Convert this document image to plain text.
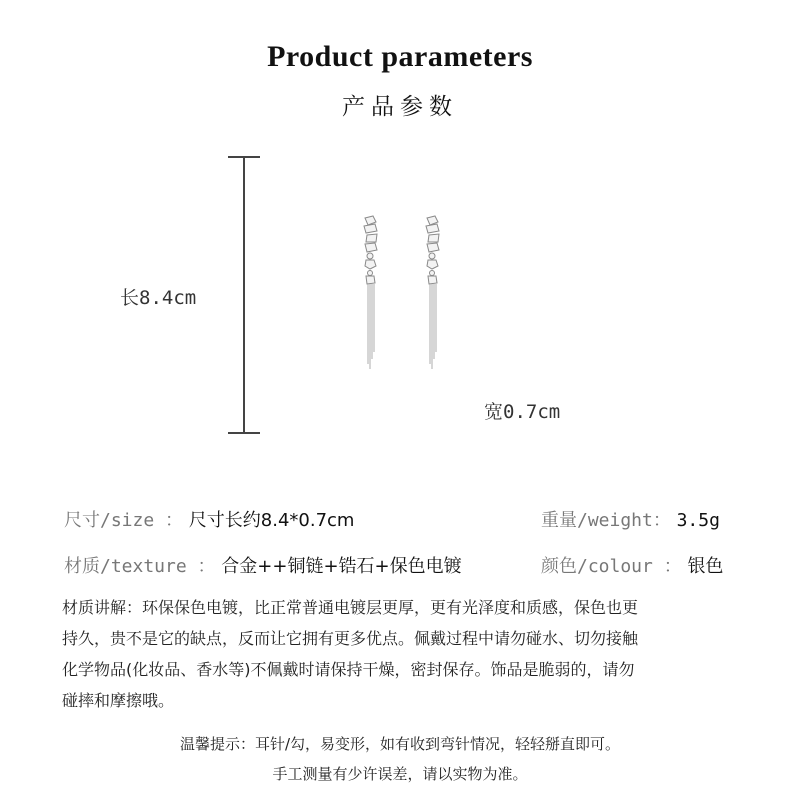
Product parameters
产品参数
长8.4cm
宽0.7cm
尺寸/size ： 尺寸长约8.4*0.7cm	重量/weight： 3.5g
材质/texture ： 合金++铜链+锆石+保色电镀	颜色/colour ： 银色
材质讲解：环保保色电镀，比正常普通电镀层更厚，更有光泽度和质感，保色也更
持久，贵不是它的缺点，反而让它拥有更多优点。佩戴过程中请勿碰水、切勿接触
化学物品(化妆品、香水等)不佩戴时请保持干燥，密封保存。饰品是脆弱的，请勿
碰摔和摩擦哦。
温馨提示：耳针/勾，易变形，如有收到弯针情况，轻轻掰直即可。
手工测量有少许误差，请以实物为准。
